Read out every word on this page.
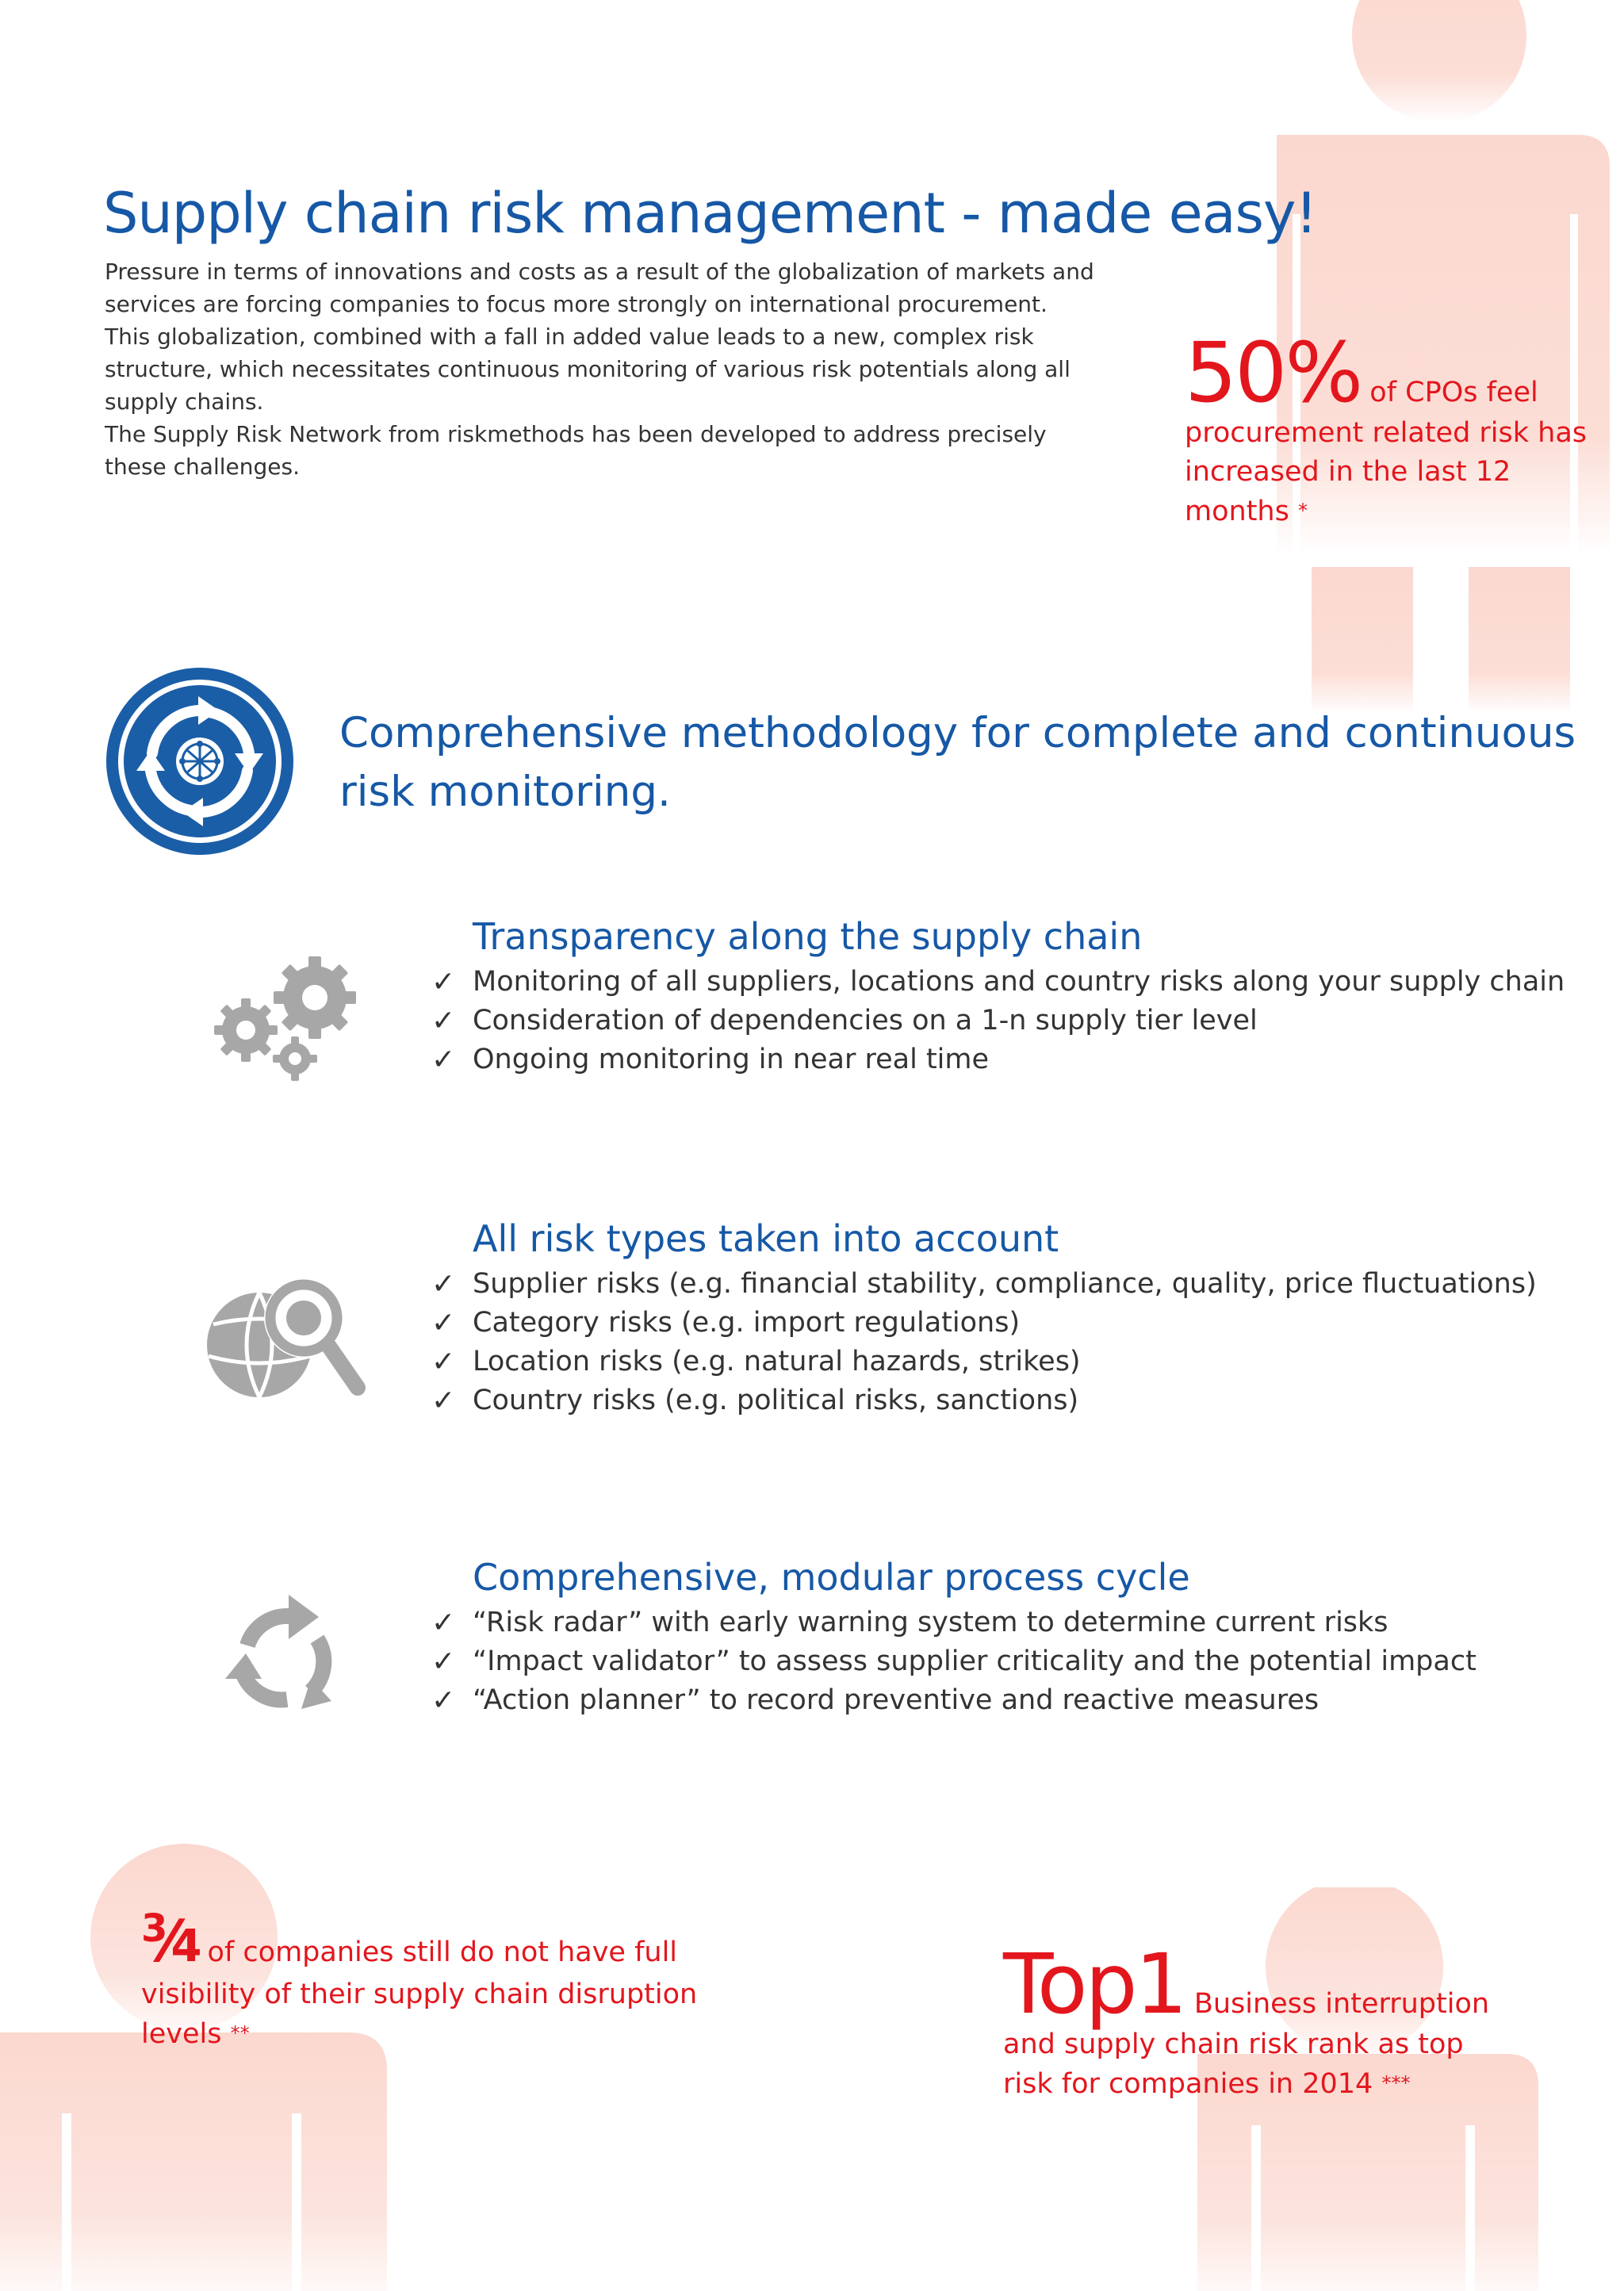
Supply chain risk management - made easy!

Pressure in terms of innovations and costs as a result of the globalization of markets and services are forcing companies to focus more strongly on international procurement.

This globalization, combined with a fall in added value leads to a new, complex risk structure, which necessitates continuous monitoring of various risk potentials along all supply chains.

The Supply Risk Network from riskmethods has been developed to address precisely these challenges.

50% of CPOs feel procurement related risk has increased in the last 12 months *
Comprehensive methodology for complete and continuous risk monitoring.
Transparency along the supply chain
✓ Monitoring of all suppliers, locations and country risks along your supply chain
✓ Consideration of dependencies on a 1-n supply tier level
✓ Ongoing monitoring in near real time
All risk types taken into account
✓ Supplier risks (e.g. financial stability, compliance, quality, price fluctuations)
✓ Category risks (e.g. import regulations)
✓ Location risks (e.g. natural hazards, strikes)
✓ Country risks (e.g. political risks, sanctions)
Comprehensive, modular process cycle
✓ “Risk radar” with early warning system to determine current risks
✓ “Impact validator” to assess supplier criticality and the potential impact
✓ “Action planner” to record preventive and reactive measures
$^3$⁄4 of companies still do not have full visibility of their supply chain disruption levels **
Top1 Business interruption and supply chain risk rank as top risk for companies in 2014 ***
